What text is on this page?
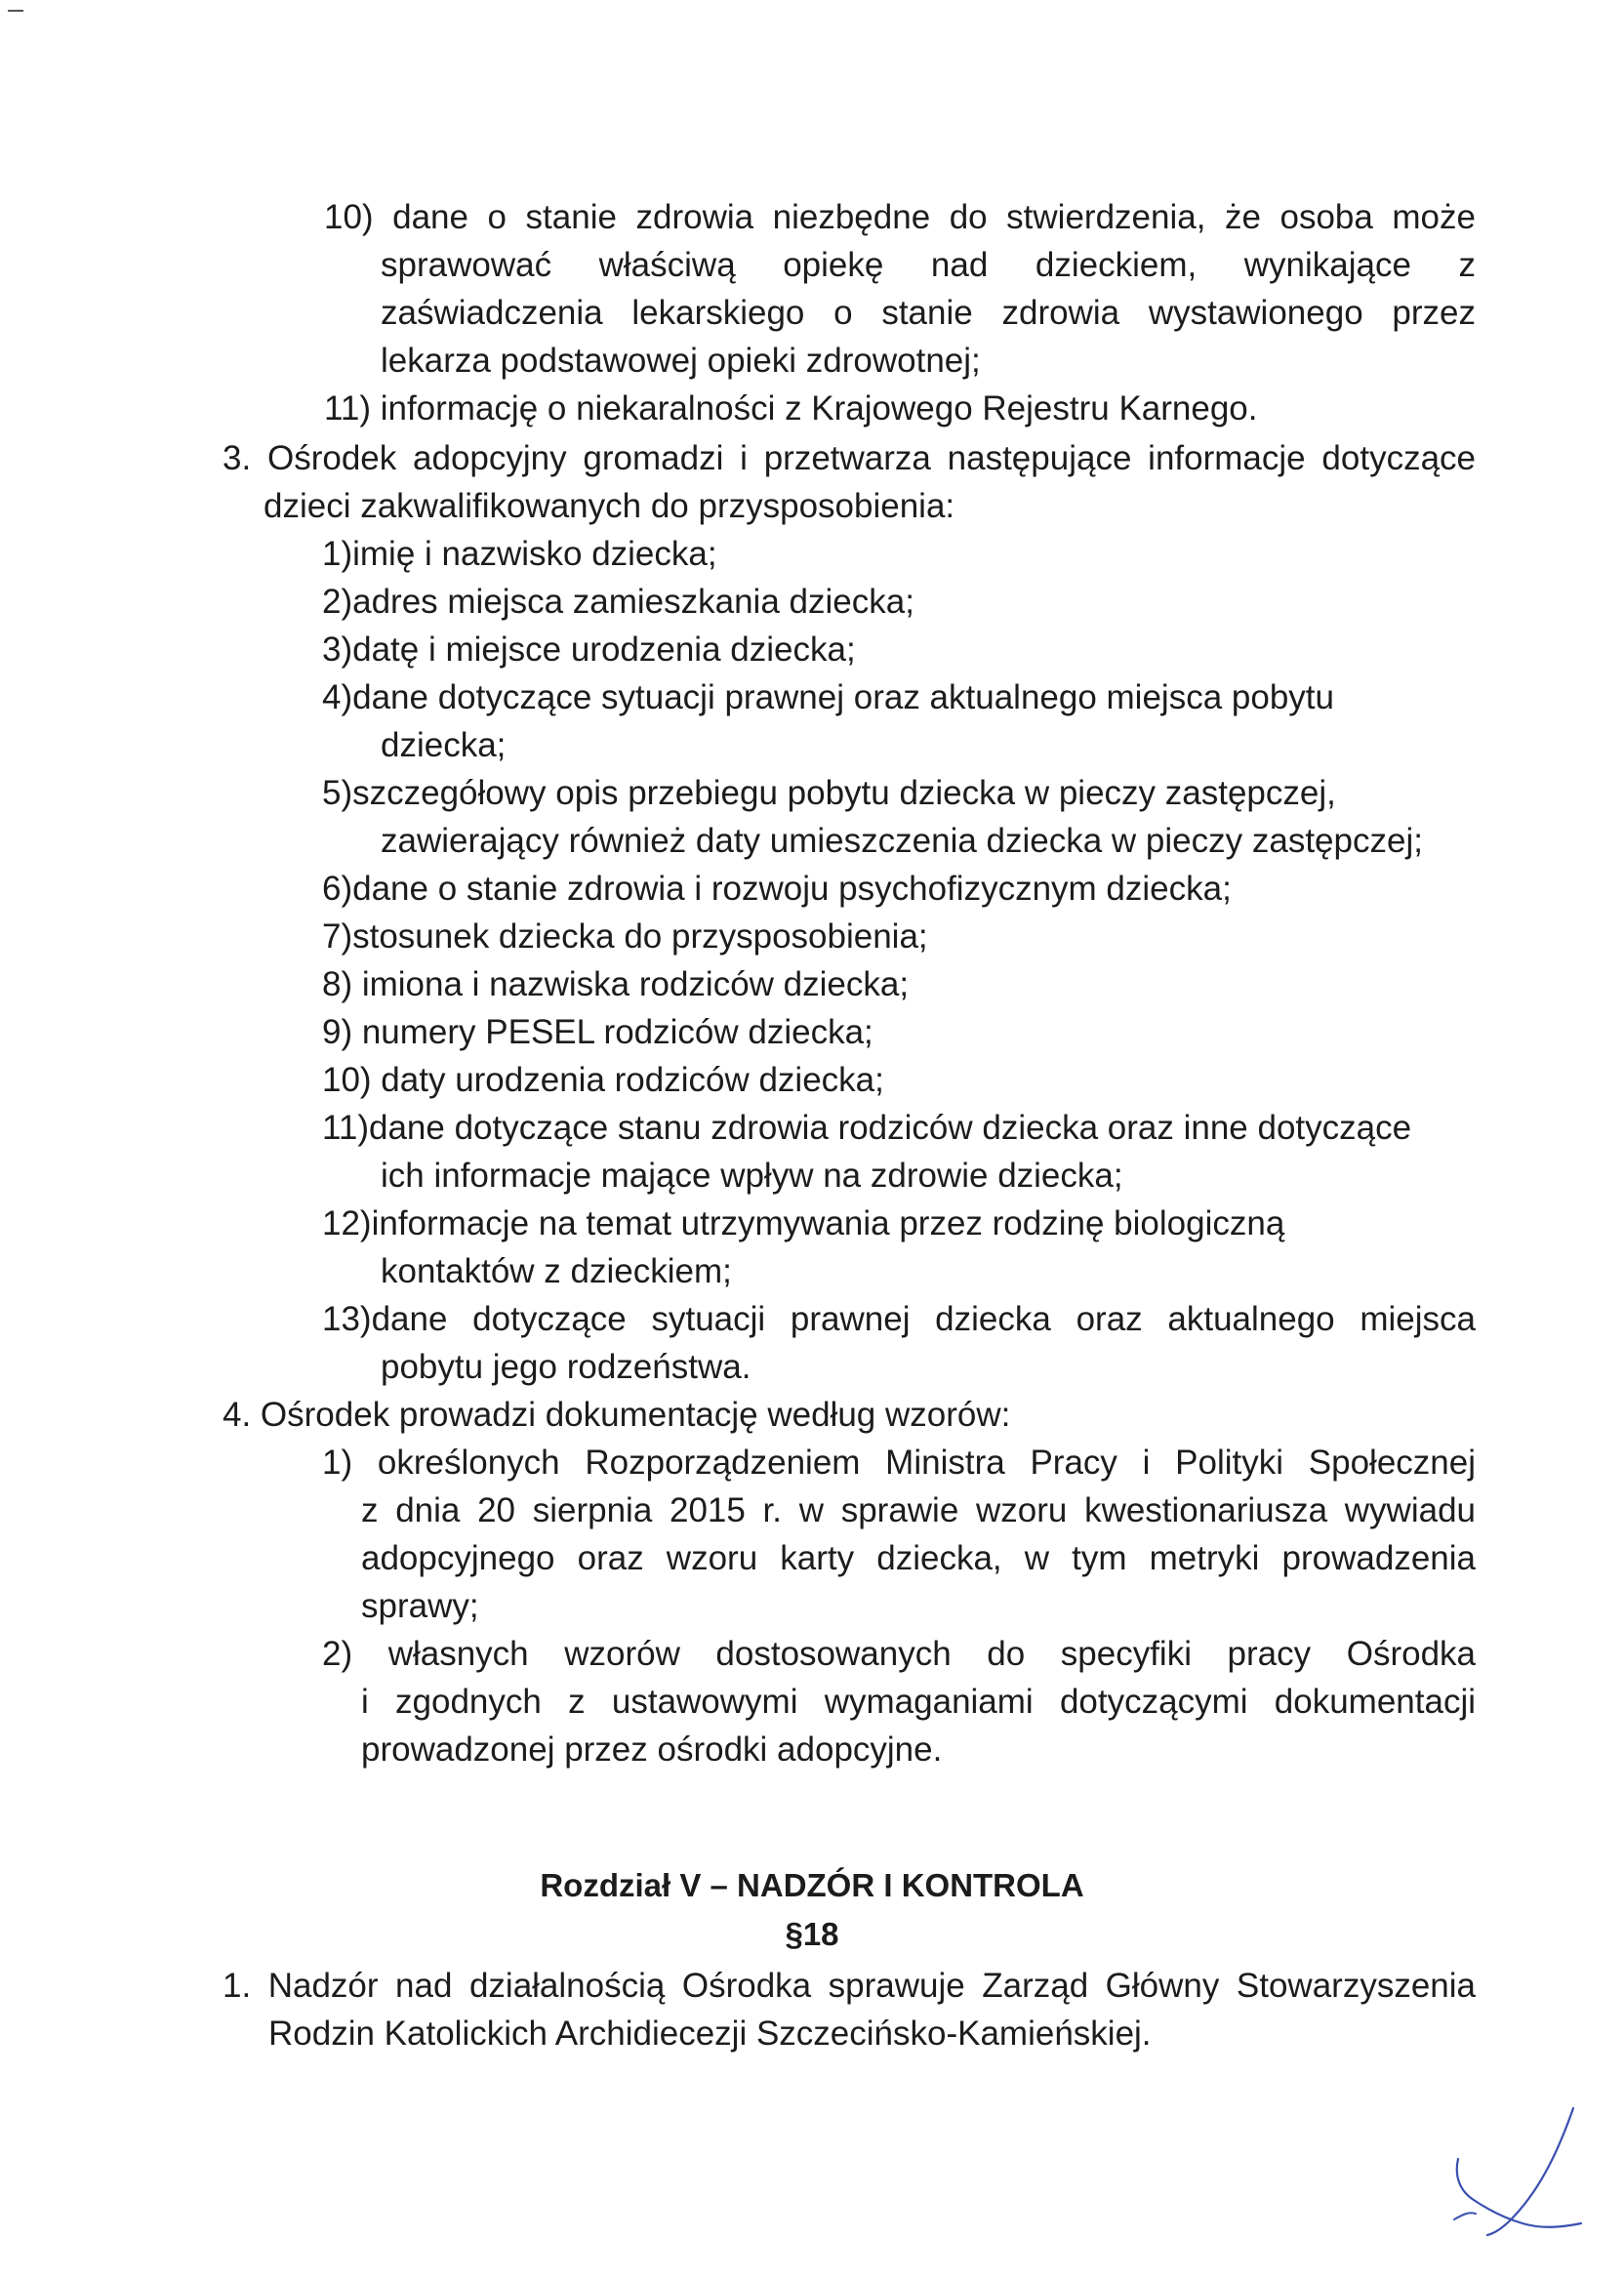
10) dane o stanie zdrowia niezbędne do stwierdzenia, że osoba może
sprawować właściwą opiekę nad dzieckiem, wynikające z
zaświadczenia lekarskiego o stanie zdrowia wystawionego przez
lekarza podstawowej opieki zdrowotnej;
11) informację o niekaralności z Krajowego Rejestru Karnego.
3. Ośrodek adopcyjny gromadzi i przetwarza następujące informacje dotyczące
dzieci zakwalifikowanych do przysposobienia:
1)imię i nazwisko dziecka;
2)adres miejsca zamieszkania dziecka;
3)datę i miejsce urodzenia dziecka;
4)dane dotyczące sytuacji prawnej oraz aktualnego miejsca pobytu
dziecka;
5)szczegółowy opis przebiegu pobytu dziecka w pieczy zastępczej,
zawierający również daty umieszczenia dziecka w pieczy zastępczej;
6)dane o stanie zdrowia i rozwoju psychofizycznym dziecka;
7)stosunek dziecka do przysposobienia;
8) imiona i nazwiska rodziców dziecka;
9) numery PESEL rodziców dziecka;
10) daty urodzenia rodziców dziecka;
11)dane dotyczące stanu zdrowia rodziców dziecka oraz inne dotyczące
ich informacje mające wpływ na zdrowie dziecka;
12)informacje na temat utrzymywania przez rodzinę biologiczną
kontaktów z dzieckiem;
13)dane dotyczące sytuacji prawnej dziecka oraz aktualnego miejsca
pobytu jego rodzeństwa.
4. Ośrodek prowadzi dokumentację według wzorów:
1) określonych Rozporządzeniem Ministra Pracy i Polityki Społecznej
z dnia 20 sierpnia 2015 r. w sprawie wzoru kwestionariusza wywiadu
adopcyjnego oraz wzoru karty dziecka, w tym metryki prowadzenia
sprawy;
2) własnych wzorów dostosowanych do specyfiki pracy Ośrodka
i zgodnych z ustawowymi wymaganiami dotyczącymi dokumentacji
prowadzonej przez ośrodki adopcyjne.
Rozdział V – NADZÓR I KONTROLA
§18
1. Nadzór nad działalnością Ośrodka sprawuje Zarząd Główny Stowarzyszenia
Rodzin Katolickich Archidiecezji Szczecińsko-Kamieńskiej.
